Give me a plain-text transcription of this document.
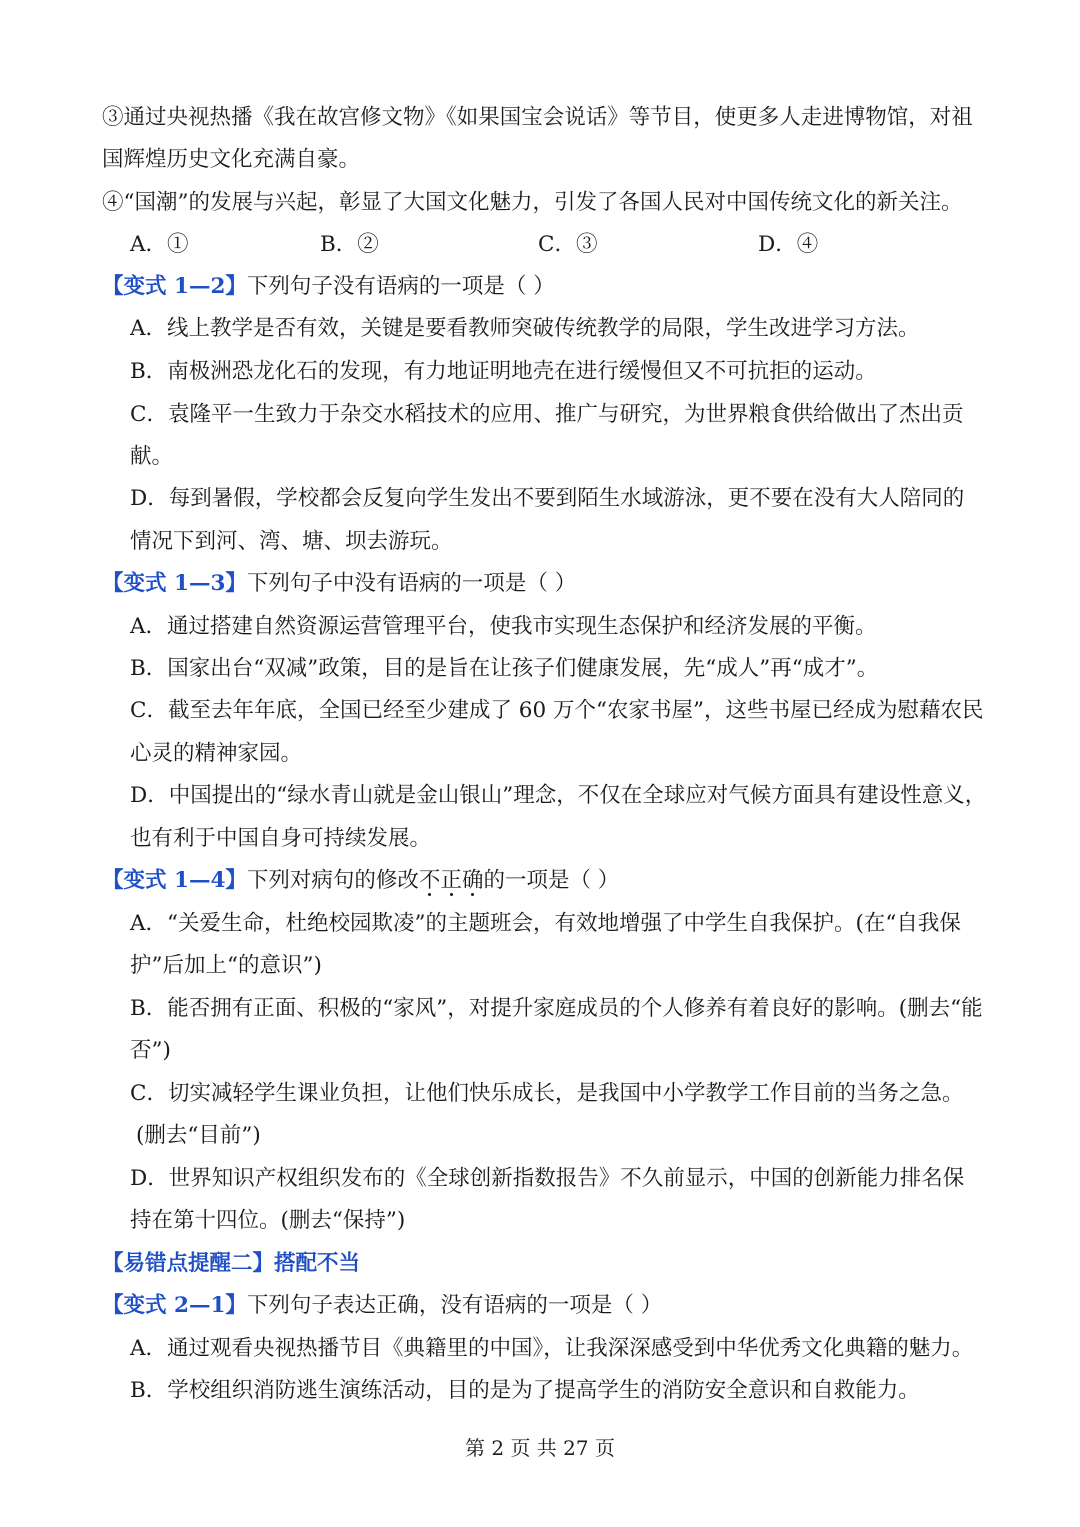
③通过央视热播《我在故宫修文物》《如果国宝会说话》等节目，使更多人走进博物馆，对祖
国辉煌历史文化充满自豪。
④“国潮”的发展与兴起，彰显了大国文化魅力，引发了各国人民对中国传统文化的新关注。
A．①	B．②	C．③	D．④
【变式 1—2】下列句子没有语病的一项是（ ）
A．线上教学是否有效，关键是要看教师突破传统教学的局限，学生改进学习方法。
B．南极洲恐龙化石的发现，有力地证明地壳在进行缓慢但又不可抗拒的运动。
C．袁隆平一生致力于杂交水稻技术的应用、推广与研究，为世界粮食供给做出了杰出贡
献。
D．每到暑假，学校都会反复向学生发出不要到陌生水域游泳，更不要在没有大人陪同的
情况下到河、湾、塘、坝去游玩。
【变式 1—3】下列句子中没有语病的一项是（ ）
A．通过搭建自然资源运营管理平台，使我市实现生态保护和经济发展的平衡。
B．国家出台“双减”政策，目的是旨在让孩子们健康发展，先“成人”再“成才”。
C．截至去年年底，全国已经至少建成了 60 万个“农家书屋”，这些书屋已经成为慰藉农民
心灵的精神家园。
D．中国提出的“绿水青山就是金山银山”理念，不仅在全球应对气候方面具有建设性意义，
也有利于中国自身可持续发展。
【变式 1—4】下列对病句的修改不正确的一项是（ ）
A．“关爱生命，杜绝校园欺凌”的主题班会，有效地增强了中学生自我保护。(在“自我保
护”后加上“的意识”)
B．能否拥有正面、积极的“家风”，对提升家庭成员的个人修养有着良好的影响。(删去“能
否”)
C．切实减轻学生课业负担，让他们快乐成长，是我国中小学教学工作目前的当务之急。
(删去“目前”)
D．世界知识产权组织发布的《全球创新指数报告》不久前显示，中国的创新能力排名保
持在第十四位。(删去“保持”)
【易错点提醒二】搭配不当
【变式 2—1】下列句子表达正确，没有语病的一项是（ ）
A．通过观看央视热播节目《典籍里的中国》，让我深深感受到中华优秀文化典籍的魅力。
B．学校组织消防逃生演练活动，目的是为了提高学生的消防安全意识和自救能力。
第 2 页 共 27 页
